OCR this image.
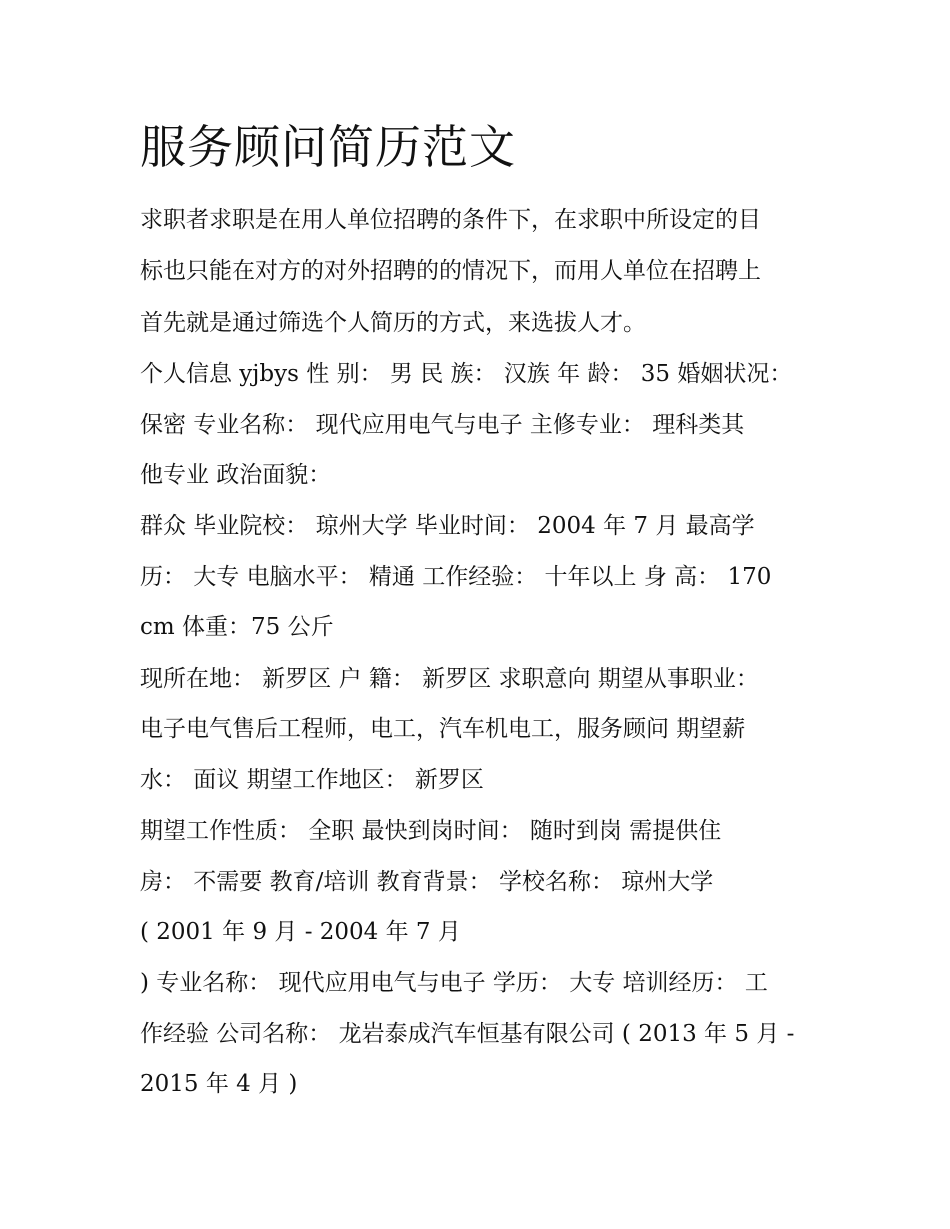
服务顾问简历范文

求职者求职是在用人单位招聘的条件下，在求职中所设定的目

标也只能在对方的对外招聘的的情况下，而用人单位在招聘上

首先就是通过筛选个人简历的方式，来选拔人才。

个人信息 yjbys 性 别： 男 民 族： 汉族 年 龄： 35 婚姻状况：

保密 专业名称： 现代应用电气与电子 主修专业： 理科类其

他专业 政治面貌：

群众 毕业院校： 琼州大学 毕业时间： 2004 年 7 月 最高学

历： 大专 电脑水平： 精通 工作经验： 十年以上 身 高： 170

cm 体重：75 公斤

现所在地： 新罗区 户 籍： 新罗区 求职意向 期望从事职业：

电子电气售后工程师，电工，汽车机电工，服务顾问 期望薪

水： 面议 期望工作地区： 新罗区

期望工作性质： 全职 最快到岗时间： 随时到岗 需提供住

房： 不需要 教育/培训 教育背景： 学校名称： 琼州大学

( 2001 年 9 月 - 2004 年 7 月

) 专业名称： 现代应用电气与电子 学历： 大专 培训经历： 工

作经验 公司名称： 龙岩泰成汽车恒基有限公司 ( 2013 年 5 月 -

2015 年 4 月 )
